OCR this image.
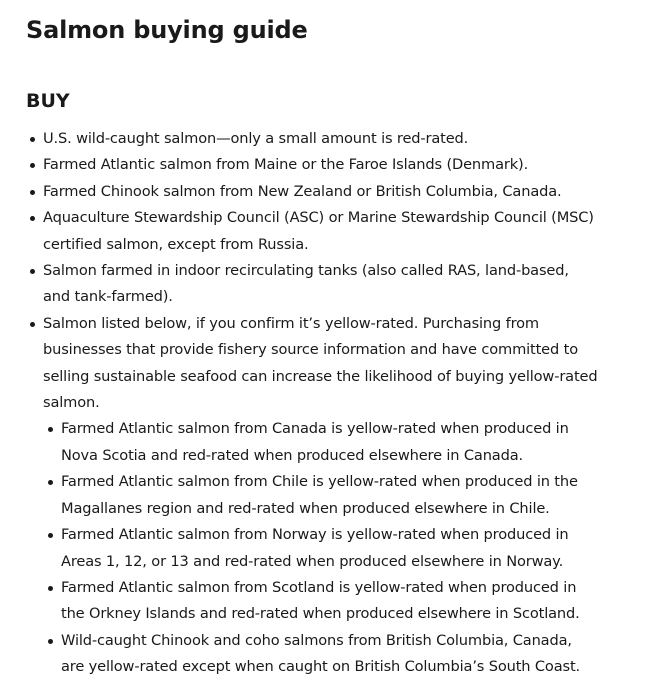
Salmon buying guide
BUY
U.S. wild-caught salmon—only a small amount is red-rated.
Farmed Atlantic salmon from Maine or the Faroe Islands (Denmark).
Farmed Chinook salmon from New Zealand or British Columbia, Canada.
Aquaculture Stewardship Council (ASC) or Marine Stewardship Council (MSC)
certified salmon, except from Russia.
Salmon farmed in indoor recirculating tanks (also called RAS, land-based,
and tank-farmed).
Salmon listed below, if you confirm it’s yellow-rated. Purchasing from
businesses that provide fishery source information and have committed to
selling sustainable seafood can increase the likelihood of buying yellow-rated
salmon.
Farmed Atlantic salmon from Canada is yellow-rated when produced in
Nova Scotia and red-rated when produced elsewhere in Canada.
Farmed Atlantic salmon from Chile is yellow-rated when produced in the
Magallanes region and red-rated when produced elsewhere in Chile.
Farmed Atlantic salmon from Norway is yellow-rated when produced in
Areas 1, 12, or 13 and red-rated when produced elsewhere in Norway.
Farmed Atlantic salmon from Scotland is yellow-rated when produced in
the Orkney Islands and red-rated when produced elsewhere in Scotland.
Wild-caught Chinook and coho salmons from British Columbia, Canada,
are yellow-rated except when caught on British Columbia’s South Coast.
